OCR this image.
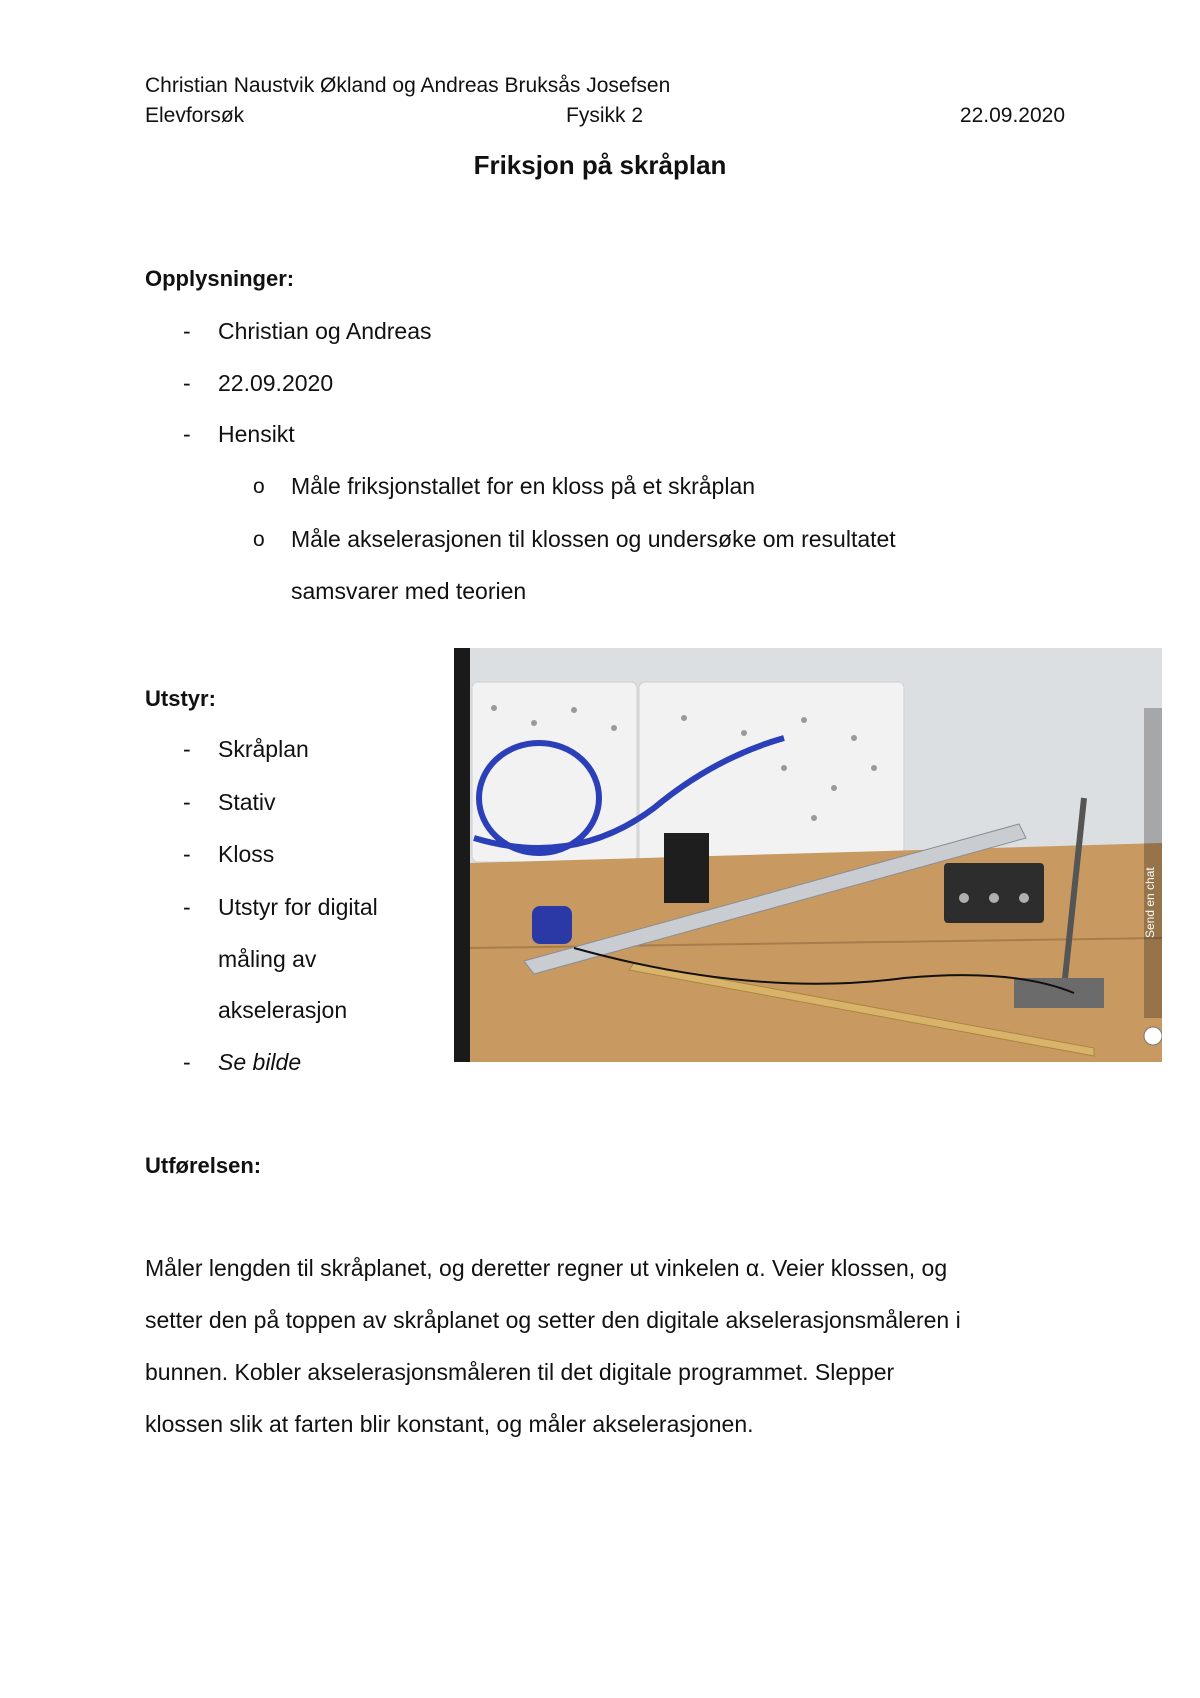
Christian Naustvik Økland og Andreas Bruksås Josefsen
Elevforsøk	Fysikk 2	22.09.2020
Friksjon på skråplan
Opplysninger:
- Christian og Andreas
- 22.09.2020
- Hensikt
o Måle friksjonstallet for en kloss på et skråplan
o Måle akselerasjonen til klossen og undersøke om resultatet
samsvarer med teorien
Utstyr:
- Skråplan
- Stativ
- Kloss
- Utstyr for digital
måling av
akselerasjon
- Se bilde
Send en chat
Utførelsen:
Måler lengden til skråplanet, og deretter regner ut vinkelen α. Veier klossen, og
setter den på toppen av skråplanet og setter den digitale akselerasjonsmåleren i
bunnen. Kobler akselerasjonsmåleren til det digitale programmet. Slepper
klossen slik at farten blir konstant, og måler akselerasjonen.
